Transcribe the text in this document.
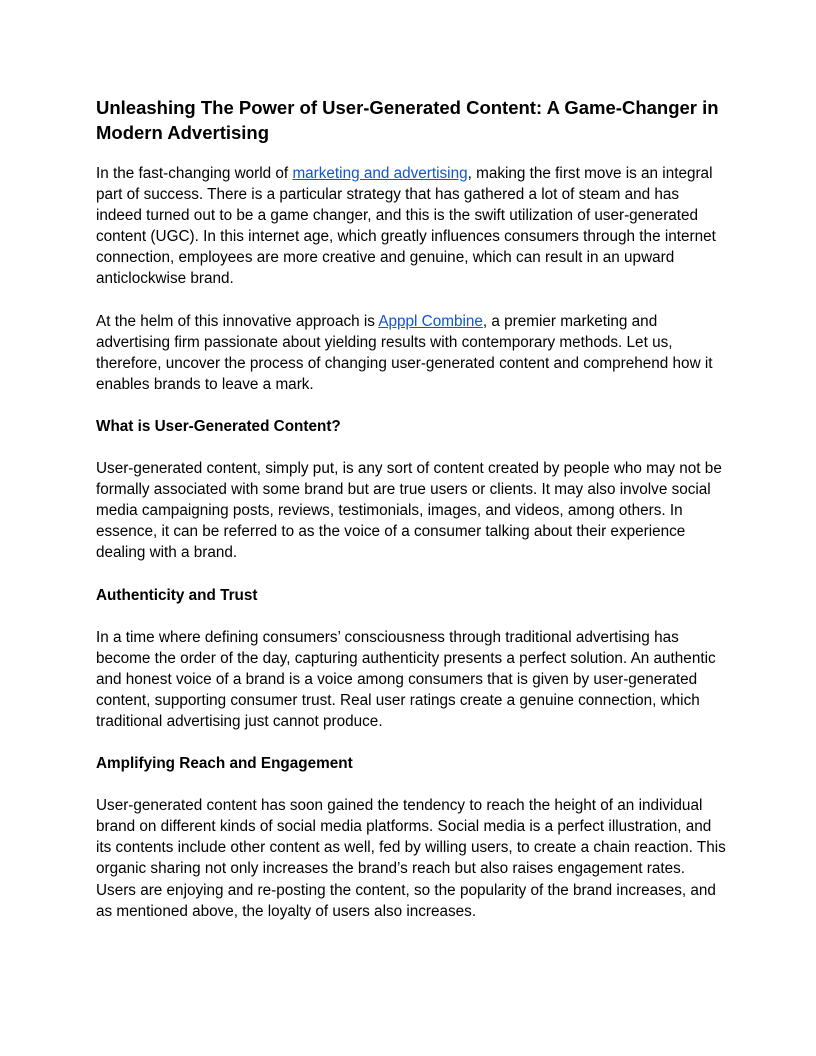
Unleashing The Power of User-Generated Content: A Game-Changer in Modern Advertising

In the fast-changing world of marketing and advertising, making the first move is an integral part of success. There is a particular strategy that has gathered a lot of steam and has indeed turned out to be a game changer, and this is the swift utilization of user-generated content (UGC). In this internet age, which greatly influences consumers through the internet connection, employees are more creative and genuine, which can result in an upward anticlockwise brand.

At the helm of this innovative approach is Apppl Combine, a premier marketing and advertising firm passionate about yielding results with contemporary methods. Let us, therefore, uncover the process of changing user-generated content and comprehend how it enables brands to leave a mark.

What is User-Generated Content?

User-generated content, simply put, is any sort of content created by people who may not be formally associated with some brand but are true users or clients. It may also involve social media campaigning posts, reviews, testimonials, images, and videos, among others. In essence, it can be referred to as the voice of a consumer talking about their experience dealing with a brand.

Authenticity and Trust

In a time where defining consumers’ consciousness through traditional advertising has become the order of the day, capturing authenticity presents a perfect solution. An authentic and honest voice of a brand is a voice among consumers that is given by user-generated content, supporting consumer trust. Real user ratings create a genuine connection, which traditional advertising just cannot produce.

Amplifying Reach and Engagement

User-generated content has soon gained the tendency to reach the height of an individual brand on different kinds of social media platforms. Social media is a perfect illustration, and its contents include other content as well, fed by willing users, to create a chain reaction. This organic sharing not only increases the brand’s reach but also raises engagement rates. Users are enjoying and re-posting the content, so the popularity of the brand increases, and as mentioned above, the loyalty of users also increases.
